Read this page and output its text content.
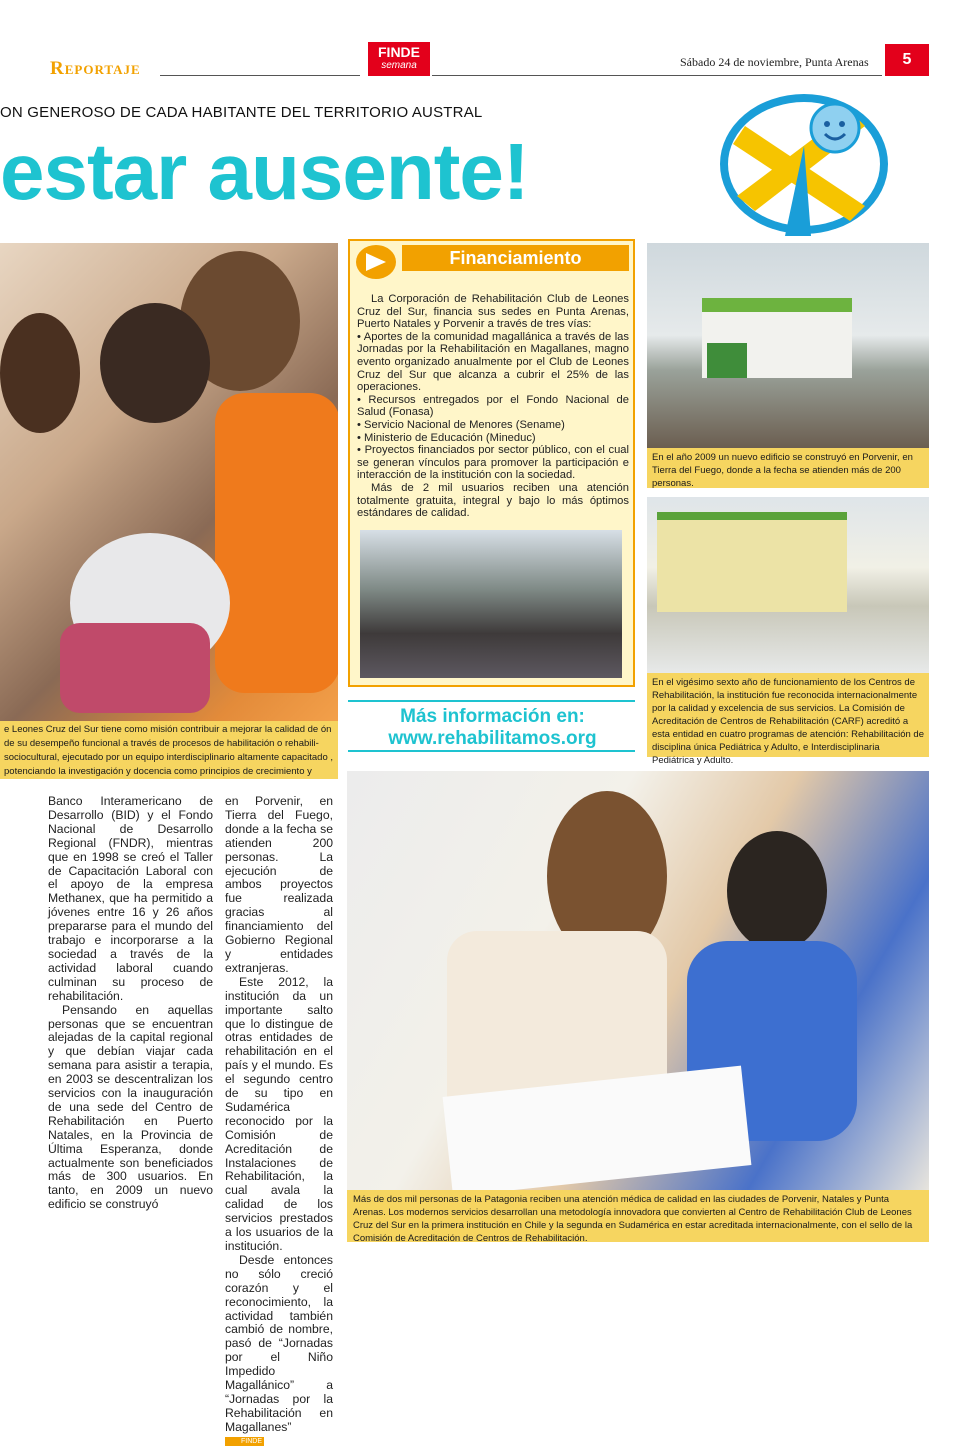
Reportaje
FINDE
semana	Sábado 24 de noviembre, Punta Arenas	5
ON GENEROSO DE CADA HABITANTE DEL TERRITORIO AUSTRAL
estar ausente!
e Leones Cruz del Sur tiene como misión contribuir a mejorar la calidad de ón de su desempeño funcional a través de procesos de habilitación o rehabili- sociocultural, ejecutado por un equipo interdisciplinario altamente capacitado , potenciando la investigación y docencia como principios de crecimiento y
Financiamiento

La Corporación de Rehabilitación Club de Leones Cruz del Sur, financia sus sedes en Punta Arenas, Puerto Natales y Porvenir a través de tres vías:

• Aportes de la comunidad magallánica a través de las Jornadas por la Rehabilitación en Magallanes, magno evento organizado anualmente por el Club de Leones Cruz del Sur que alcanza a cubrir el 25% de las operaciones.

• Recursos entregados por el Fondo Nacional de Salud (Fonasa)

• Servicio Nacional de Menores (Sename)

• Ministerio de Educación (Mineduc)

• Proyectos financiados por sector público, con el cual se generan vínculos para promover la participación e interacción de la institución con la sociedad.

Más de 2 mil usuarios reciben una atención totalmente gratuita, integral y bajo lo más óptimos estándares de calidad.

Más información en:
www.rehabilitamos.org
En el año 2009 un nuevo edificio se construyó en Porvenir, en Tierra del Fuego, donde a la fecha se atienden más de 200 personas.
En el vigésimo sexto año de funcionamiento de los Centros de Rehabilitación, la institución fue reconocida internacionalmente por la calidad y excelencia de sus servicios. La Comisión de Acreditación de Centros de Rehabilitación (CARF) acreditó a esta entidad en cuatro programas de atención: Rehabilitación de disciplina única Pediátrica y Adulto, e Interdisciplinaria Pediátrica y Adulto.
Más de dos mil personas de la Patagonia reciben una atención médica de calidad en las ciudades de Porvenir, Natales y Punta Arenas. Los modernos servicios desarrollan una metodología innovadora que convierten al Centro de Rehabilitación Club de Leones Cruz del Sur en la primera institución en Chile y la segunda en Sudamérica en estar acreditada internacionalmente, con el sello de la Comisión de Acreditación de Centros de Rehabilitación.

Banco Interamericano de Desarrollo (BID) y el Fondo Nacional de Desarrollo Regional (FNDR), mientras que en 1998 se creó el Taller de Capacitación Laboral con el apoyo de la empresa Methanex, que ha permitido a jóvenes entre 16 y 26 años prepararse para el mundo del trabajo e incorporarse a la sociedad a través de la actividad laboral cuando culminan su proceso de rehabilitación.

Pensando en aquellas personas que se encuentran alejadas de la capital regional y que debían viajar cada semana para asistir a terapia, en 2003 se descentralizan los servicios con la inauguración de una sede del Centro de Rehabilitación en Puerto Natales, en la Provincia de Última Esperanza, donde actualmente son beneficiados más de 300 usuarios. En tanto, en 2009 un nuevo edificio se construyó

en Porvenir, en Tierra del Fuego, donde a la fecha se atienden 200 personas. La ejecución de ambos proyectos fue realizada gracias al financiamiento del Gobierno Regional y entidades extranjeras.

Este 2012, la institución da un importante salto que lo distingue de otras entidades de rehabilitación en el país y el mundo. Es el segundo centro de su tipo en Sudamérica reconocido por la Comisión de Acreditación de Instalaciones de Rehabilitación, la cual avala la calidad de los servicios prestados a los usuarios de la institución.

Desde entonces no sólo creció corazón y el reconocimiento, la actividad también cambió de nombre, pasó de “Jornadas por el Niño Impedido Magallánico” a “Jornadas por la Rehabilitación en Magallanes” FINDE
